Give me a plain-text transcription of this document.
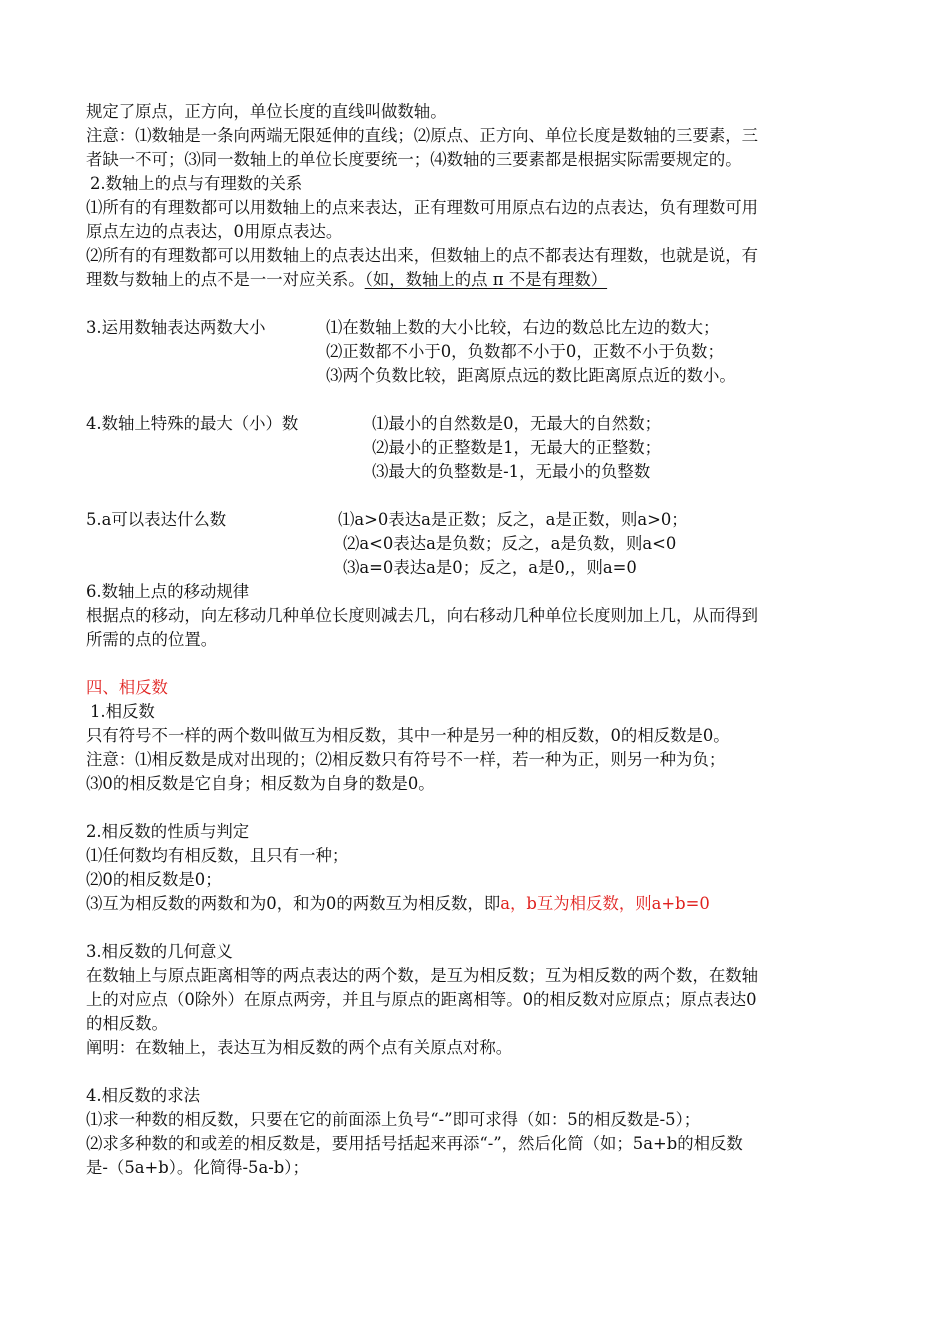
规定了原点，正方向，单位长度的直线叫做数轴。
注意：⑴数轴是一条向两端无限延伸的直线；⑵原点、正方向、单位长度是数轴的三要素，三
者缺一不可；⑶同一数轴上的单位长度要统一；⑷数轴的三要素都是根据实际需要规定的。
2.数轴上的点与有理数的关系
⑴所有的有理数都可以用数轴上的点来表达，正有理数可用原点右边的点表达，负有理数可用
原点左边的点表达，0用原点表达。
⑵所有的有理数都可以用数轴上的点表达出来，但数轴上的点不都表达有理数，也就是说，有
理数与数轴上的点不是一一对应关系。（如，数轴上的点 π 不是有理数）
3.运用数轴表达两数大小	⑴在数轴上数的大小比较，右边的数总比左边的数大；
⑵正数都不小于0，负数都不小于0，正数不小于负数；
⑶两个负数比较，距离原点远的数比距离原点近的数小。
4.数轴上特殊的最大（小）数	⑴最小的自然数是0，无最大的自然数；
⑵最小的正整数是1，无最大的正整数；
⑶最大的负整数是-1，无最小的负整数
5.a可以表达什么数	⑴a>0表达a是正数；反之，a是正数，则a>0；
⑵a<0表达a是负数；反之，a是负数，则a<0
⑶a=0表达a是0；反之，a是0,，则a=0
6.数轴上点的移动规律
根据点的移动，向左移动几种单位长度则减去几，向右移动几种单位长度则加上几，从而得到
所需的点的位置。
四、相反数
1.相反数
只有符号不一样的两个数叫做互为相反数，其中一种是另一种的相反数，0的相反数是0。
注意：⑴相反数是成对出现的；⑵相反数只有符号不一样，若一种为正，则另一种为负；
⑶0的相反数是它自身；相反数为自身的数是0。
2.相反数的性质与判定
⑴任何数均有相反数，且只有一种；
⑵0的相反数是0；
⑶互为相反数的两数和为0，和为0的两数互为相反数，即a，b互为相反数，则a+b=0
3.相反数的几何意义
在数轴上与原点距离相等的两点表达的两个数，是互为相反数；互为相反数的两个数，在数轴
上的对应点（0除外）在原点两旁，并且与原点的距离相等。0的相反数对应原点；原点表达0
的相反数。
阐明：在数轴上，表达互为相反数的两个点有关原点对称。
4.相反数的求法
⑴求一种数的相反数，只要在它的前面添上负号“-”即可求得（如：5的相反数是-5）；
⑵求多种数的和或差的相反数是，要用括号括起来再添“-”，然后化简（如；5a+b的相反数
是-（5a+b）。化简得-5a-b）；
